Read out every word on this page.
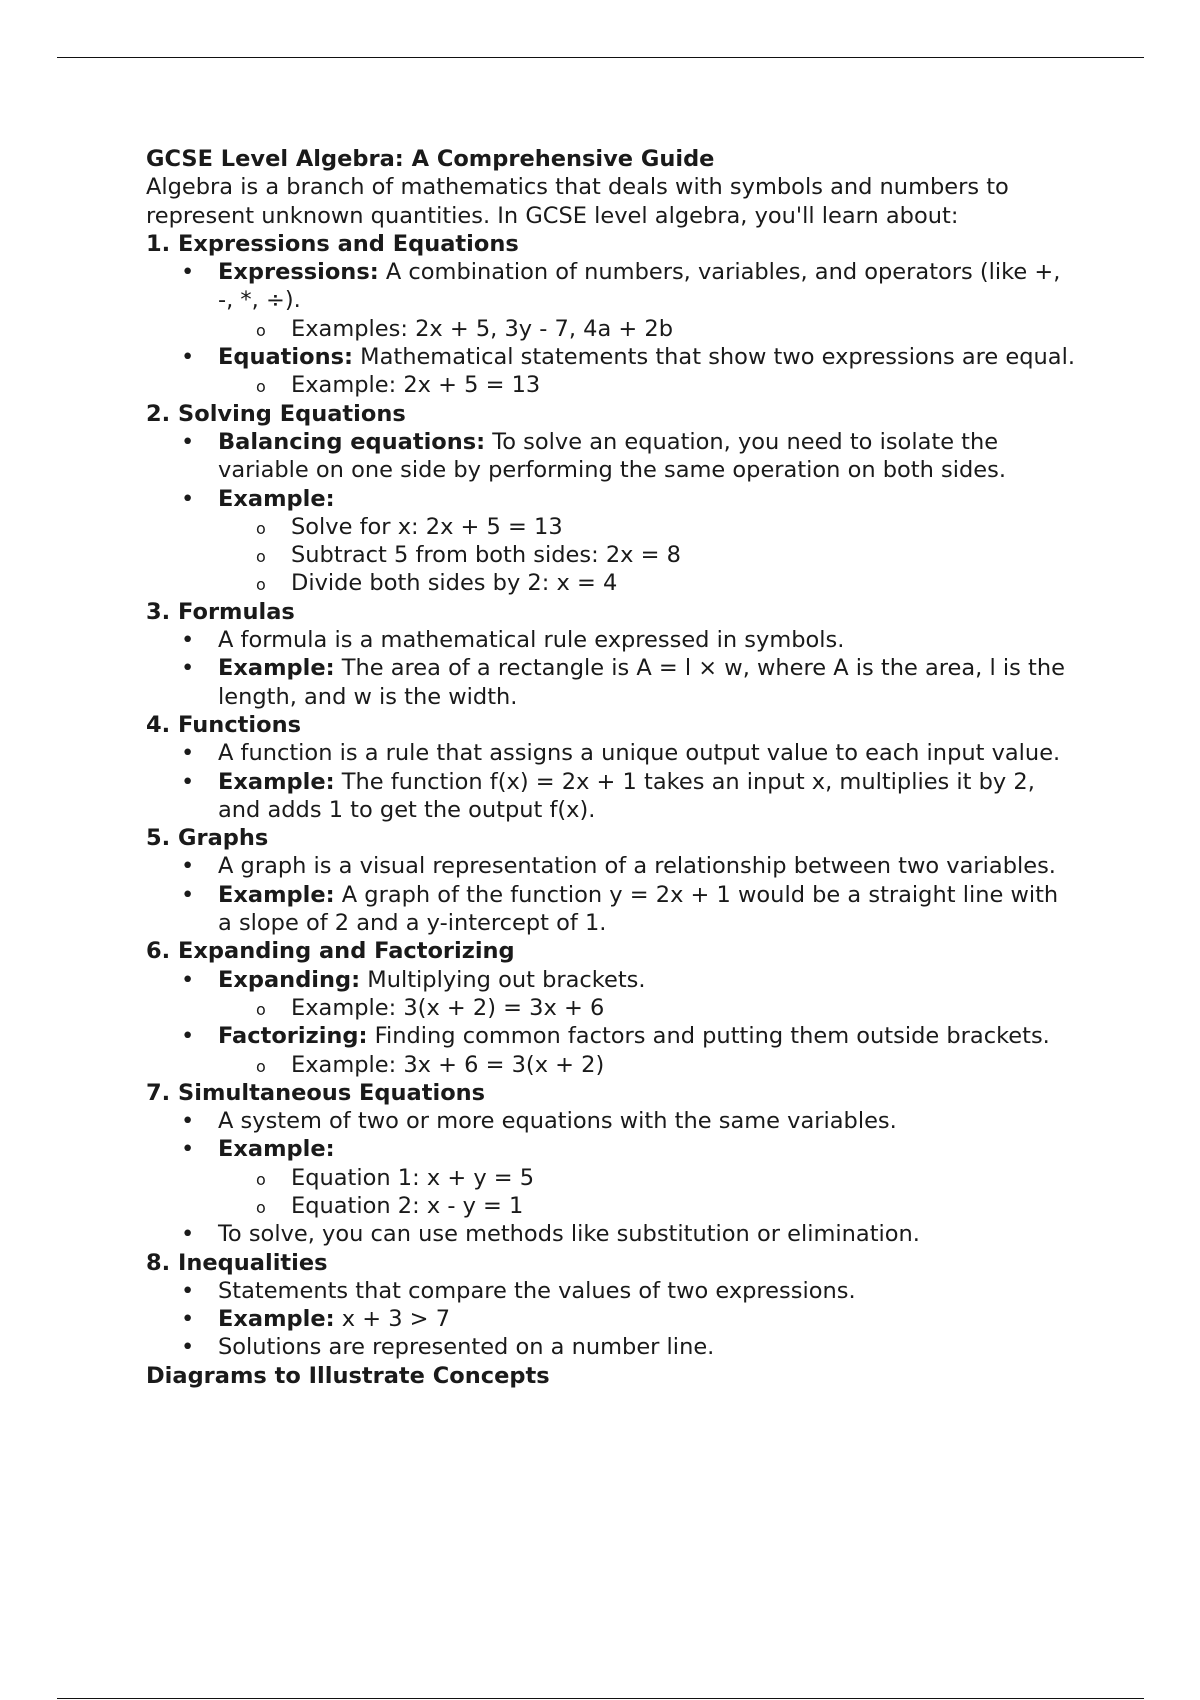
GCSE Level Algebra: A Comprehensive Guide

Algebra is a branch of mathematics that deals with symbols and numbers to represent unknown quantities. In GCSE level algebra, you'll learn about:

1. Expressions and Equations
• Expressions: A combination of numbers, variables, and operators (like +, -, *, ÷).
o Examples: 2x + 5, 3y - 7, 4a + 2b
• Equations: Mathematical statements that show two expressions are equal.
o Example: 2x + 5 = 13
2. Solving Equations
• Balancing equations: To solve an equation, you need to isolate the variable on one side by performing the same operation on both sides.
• Example:
o Solve for x: 2x + 5 = 13
o Subtract 5 from both sides: 2x = 8
o Divide both sides by 2: x = 4
3. Formulas
• A formula is a mathematical rule expressed in symbols.
• Example: The area of a rectangle is A = l × w, where A is the area, l is the length, and w is the width.
4. Functions
• A function is a rule that assigns a unique output value to each input value.
• Example: The function f(x) = 2x + 1 takes an input x, multiplies it by 2, and adds 1 to get the output f(x).
5. Graphs
• A graph is a visual representation of a relationship between two variables.
• Example: A graph of the function y = 2x + 1 would be a straight line with a slope of 2 and a y-intercept of 1.
6. Expanding and Factorizing
• Expanding: Multiplying out brackets.
o Example: 3(x + 2) = 3x + 6
• Factorizing: Finding common factors and putting them outside brackets.
o Example: 3x + 6 = 3(x + 2)
7. Simultaneous Equations
• A system of two or more equations with the same variables.
• Example:
o Equation 1: x + y = 5
o Equation 2: x - y = 1
• To solve, you can use methods like substitution or elimination.
8. Inequalities
• Statements that compare the values of two expressions.
• Example: x + 3 > 7
• Solutions are represented on a number line.
Diagrams to Illustrate Concepts
